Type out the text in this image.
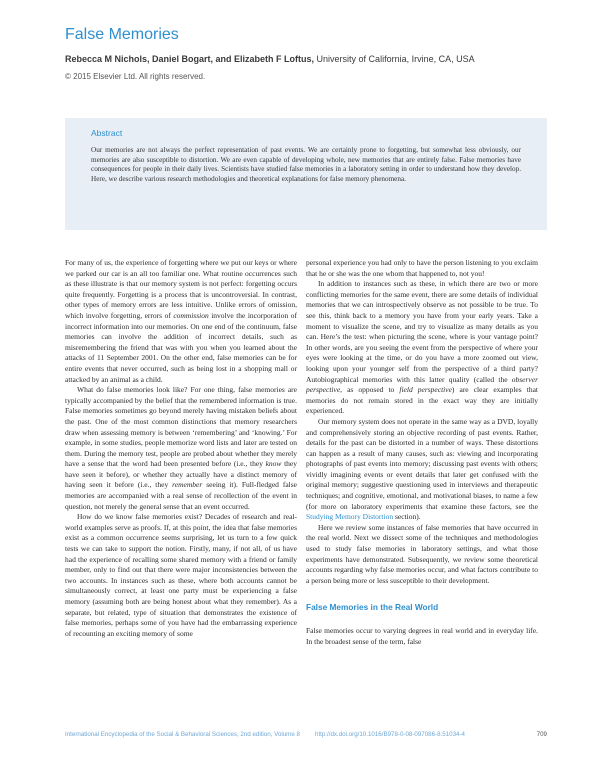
False Memories
Rebecca M Nichols, Daniel Bogart, and Elizabeth F Loftus, University of California, Irvine, CA, USA
© 2015 Elsevier Ltd. All rights reserved.
Abstract

Our memories are not always the perfect representation of past events. We are certainly prone to forgetting, but somewhat less obviously, our memories are also susceptible to distortion. We are even capable of developing whole, new memories that are entirely false. False memories have consequences for people in their daily lives. Scientists have studied false memories in a laboratory setting in order to understand how they develop. Here, we describe various research methodologies and theoretical explanations for false memory phenomena.

For many of us, the experience of forgetting where we put our keys or where we parked our car is an all too familiar one. What routine occurrences such as these illustrate is that our memory system is not perfect: forgetting occurs quite frequently. Forgetting is a process that is uncontroversial. In contrast, other types of memory errors are less intuitive. Unlike errors of omission, which involve forgetting, errors of commission involve the incorporation of incorrect information into our memories. On one end of the continuum, false memories can involve the addition of incorrect details, such as misremembering the friend that was with you when you learned about the attacks of 11 September 2001. On the other end, false memories can be for entire events that never occurred, such as being lost in a shopping mall or attacked by an animal as a child.

What do false memories look like? For one thing, false memories are typically accompanied by the belief that the remembered information is true. False memories sometimes go beyond merely having mistaken beliefs about the past. One of the most common distinctions that memory researchers draw when assessing memory is between ‘remembering’ and ‘knowing.’ For example, in some studies, people memorize word lists and later are tested on them. During the memory test, people are probed about whether they merely have a sense that the word had been presented before (i.e., they know they have seen it before), or whether they actually have a distinct memory of having seen it before (i.e., they remember seeing it). Full-fledged false memories are accompanied with a real sense of recollection of the event in question, not merely the general sense that an event occurred.

How do we know false memories exist? Decades of research and real-world examples serve as proofs. If, at this point, the idea that false memories exist as a common occurrence seems surprising, let us turn to a few quick tests we can take to support the notion. Firstly, many, if not all, of us have had the experience of recalling some shared memory with a friend or family member, only to find out that there were major inconsistencies between the two accounts. In instances such as these, where both accounts cannot be simultaneously correct, at least one party must be experiencing a false memory (assuming both are being honest about what they remember). As a separate, but related, type of situation that demonstrates the existence of false memories, perhaps some of you have had the embarrassing experience of recounting an exciting memory of some

personal experience you had only to have the person listening to you exclaim that he or she was the one whom that happened to, not you!

In addition to instances such as these, in which there are two or more conflicting memories for the same event, there are some details of individual memories that we can introspectively observe as not possible to be true. To see this, think back to a memory you have from your early years. Take a moment to visualize the scene, and try to visualize as many details as you can. Here’s the test: when picturing the scene, where is your vantage point? In other words, are you seeing the event from the perspective of where your eyes were looking at the time, or do you have a more zoomed out view, looking upon your younger self from the perspective of a third party? Autobiographical memories with this latter quality (called the observer perspective, as opposed to field perspective) are clear examples that memories do not remain stored in the exact way they are initially experienced.

Our memory system does not operate in the same way as a DVD, loyally and comprehensively storing an objective recording of past events. Rather, details for the past can be distorted in a number of ways. These distortions can happen as a result of many causes, such as: viewing and incorporating photographs of past events into memory; discussing past events with others; vividly imagining events or event details that later get confused with the original memory; suggestive questioning used in interviews and therapeutic techniques; and cognitive, emotional, and motivational biases, to name a few (for more on laboratory experiments that examine these factors, see the Studying Memory Distortion section).

Here we review some instances of false memories that have occurred in the real world. Next we dissect some of the techniques and methodologies used to study false memories in laboratory settings, and what those experiments have demonstrated. Subsequently, we review some theoretical accounts regarding why false memories occur, and what factors contribute to a person being more or less susceptible to their development.

False Memories in the Real World

False memories occur to varying degrees in real world and in everyday life. In the broadest sense of the term, false

International Encyclopedia of the Social & Behavioral Sciences, 2nd edition, Volume 8 http://dx.doi.org/10.1016/B978-0-08-097086-8.51034-4	709
